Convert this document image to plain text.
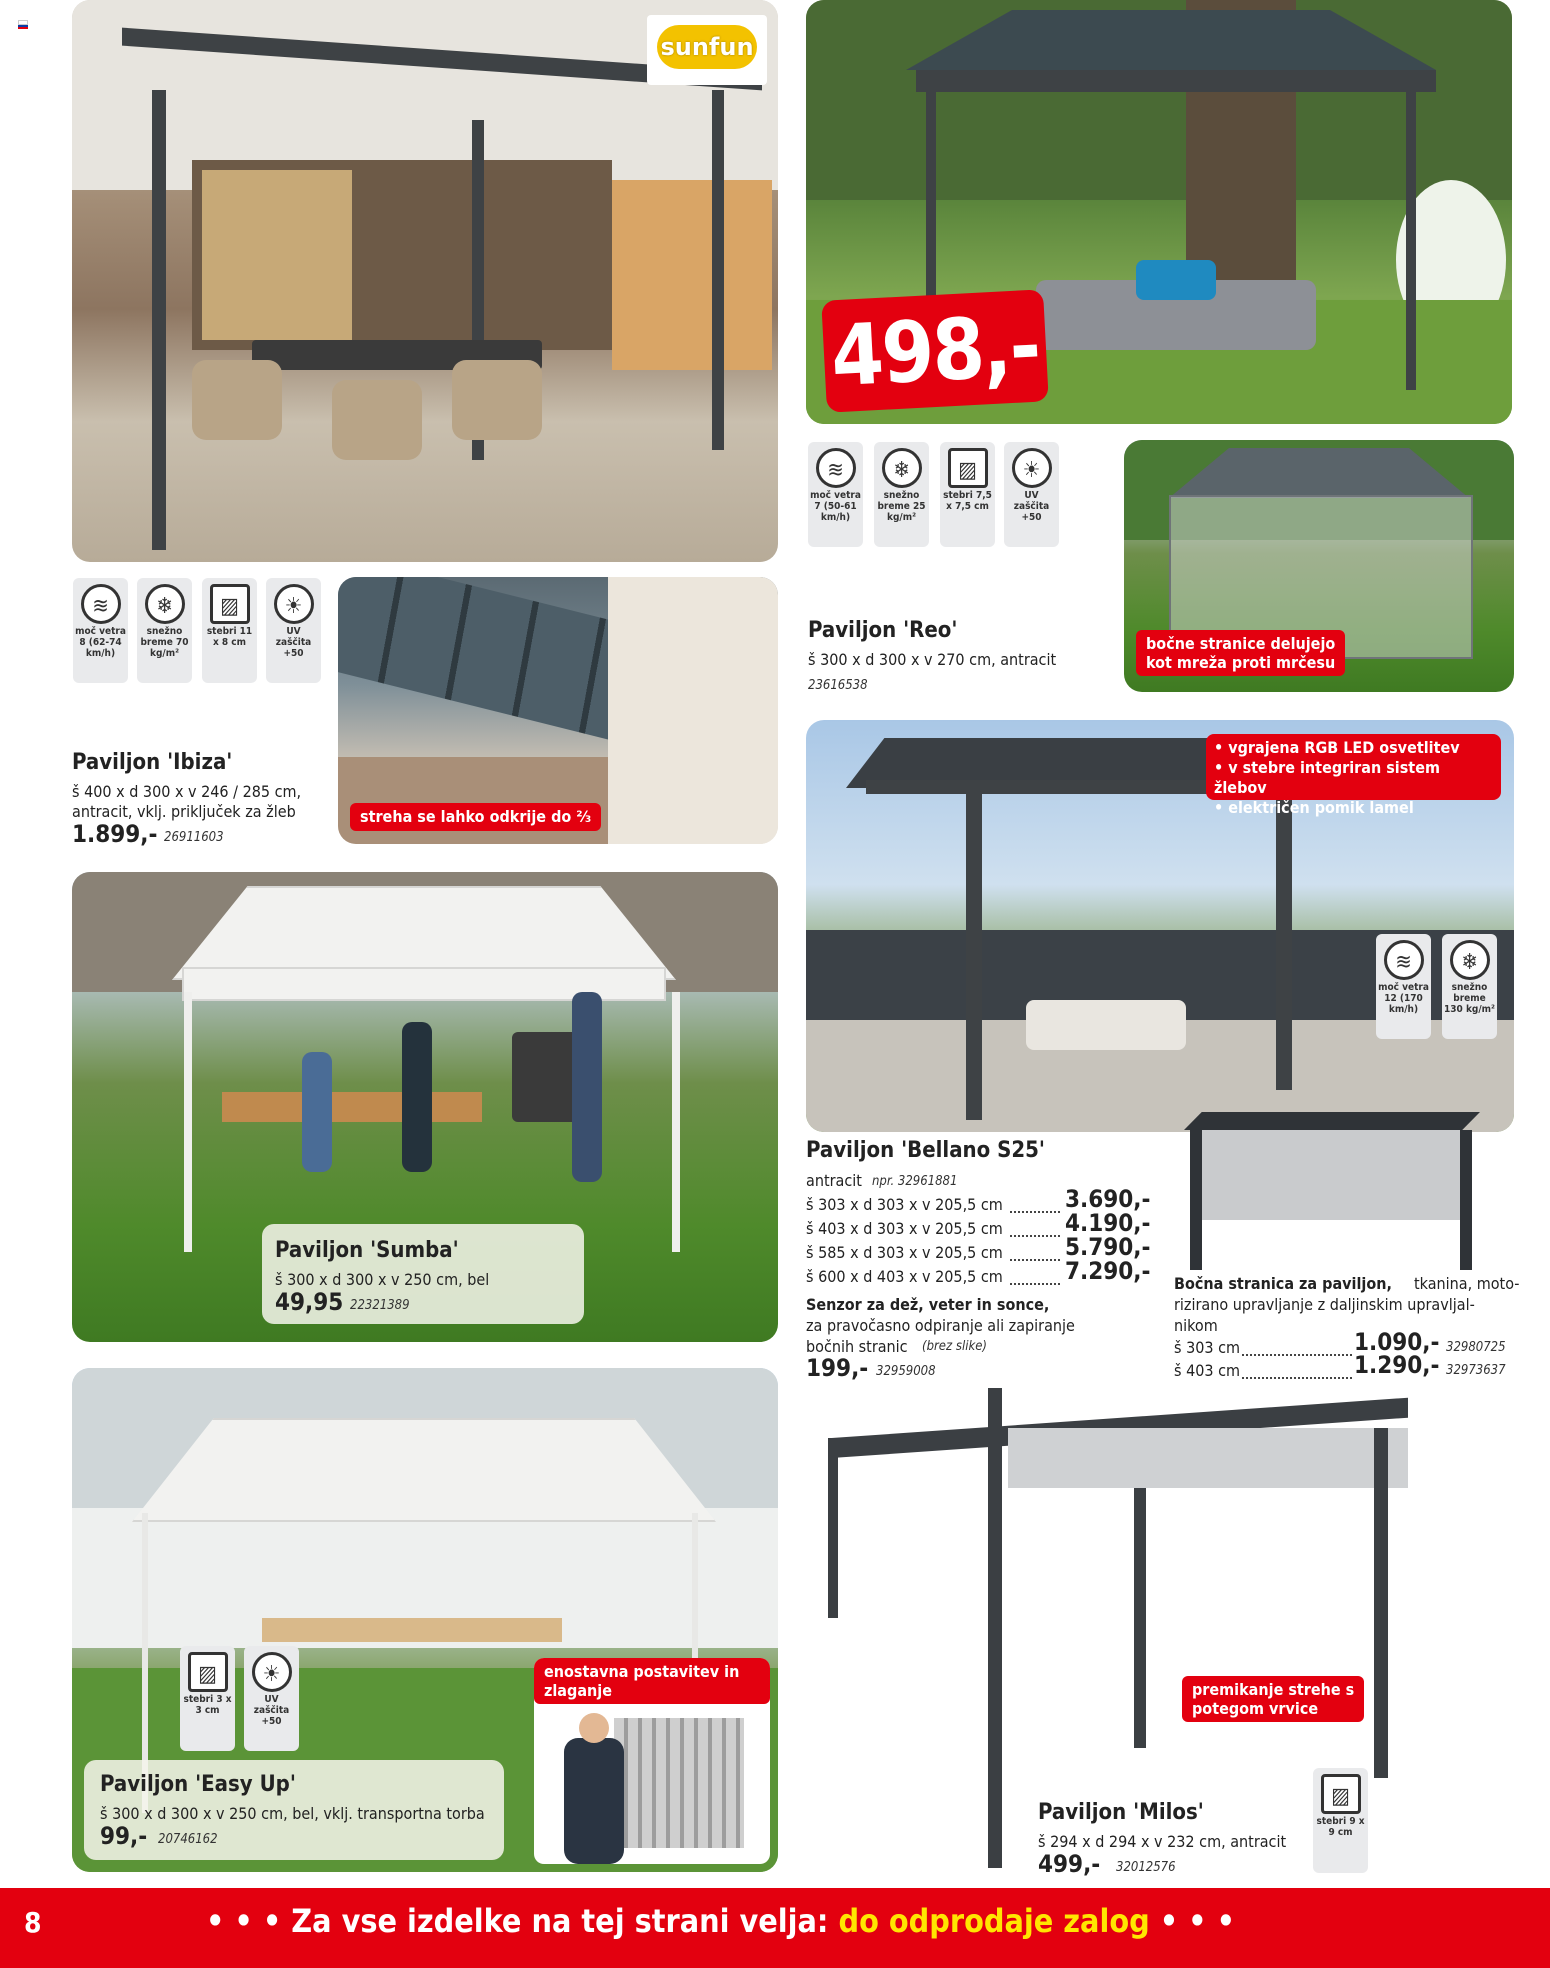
sunfun
498,-
≋
moč vetra 7 (50-61 km/h)
❄
snežno breme 25 kg/m²
▨
stebri 7,5 x 7,5 cm
☀
UV zaščita +50
bočne stranice delujejo
kot mreža proti mrčesu
Paviljon 'Reo'
š 300 x d 300 x v 270 cm, antracit
23616538
≋
moč vetra 8 (62-74 km/h)
❄
snežno breme 70 kg/m²
▨
stebri 11 x 8 cm
☀
UV zaščita +50
streha se lahko odkrije do ⅔
Paviljon 'Ibiza'
š 400 x d 300 x v 246 / 285 cm,
antracit, vklj. priključek za žleb
1.899,- 26911603
• vgrajena RGB LED osvetlitev
• v stebre integriran sistem žlebov
• električen pomik lamel
≋
moč vetra 12 (170 km/h)
❄
snežno breme 130 kg/m²
Paviljon 'Bellano S25'
antracit npr. 32961881
š 303 x d 303 x v 205,5 cm	3.690,-
š 403 x d 303 x v 205,5 cm	4.190,-
š 585 x d 303 x v 205,5 cm	5.790,-
š 600 x d 403 x v 205,5 cm	7.290,-
Senzor za dež, veter in sonce,
za pravočasno odpiranje ali zapiranje
bočnih stranic (brez slike)
199,- 32959008
Bočna stranica za paviljon, tkanina, moto-
rizirano upravljanje z daljinskim upravljal-
nikom
š 303 cm	1.090,- 32980725
š 403 cm	1.290,- 32973637
Paviljon 'Sumba'
š 300 x d 300 x v 250 cm, bel
49,95 22321389
▨
stebri 3 x 3 cm
☀
UV zaščita +50
enostavna postavitev in
zlaganje
Paviljon 'Easy Up'
š 300 x d 300 x v 250 cm, bel, vklj. transportna torba
99,- 20746162
premikanje strehe s
potegom vrvice
▨
stebri 9 x 9 cm
Paviljon 'Milos'
š 294 x d 294 x v 232 cm, antracit
499,- 32012576
8	• • • Za vse izdelke na tej strani velja: do odprodaje zalog • • •
